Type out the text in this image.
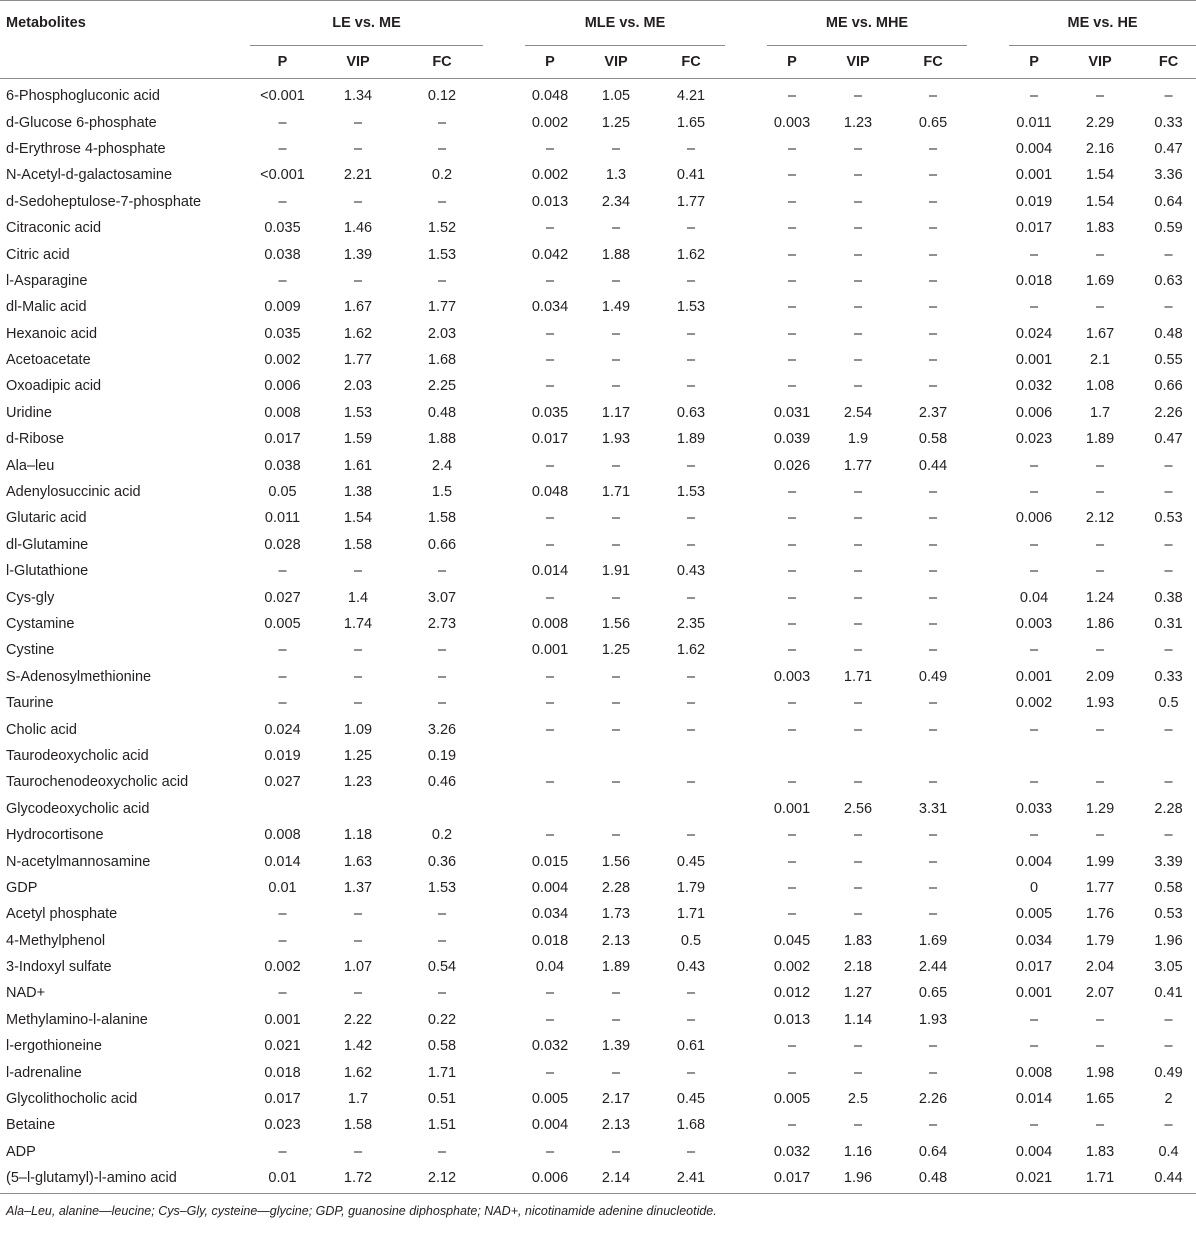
Metabolites	LE vs. ME				MLE vs. ME				ME vs. MHE				ME vs. HE		
	P	VIP	FC		P	VIP	FC		P	VIP	FC		P	VIP	FC
6-Phosphogluconic acid	<0.001	1.34	0.12		0.048	1.05	4.21		–	–	–		–	–	–
d-Glucose 6-phosphate	–	–	–		0.002	1.25	1.65		0.003	1.23	0.65		0.011	2.29	0.33
d-Erythrose 4-phosphate	–	–	–		–	–	–		–	–	–		0.004	2.16	0.47
N-Acetyl-d-galactosamine	<0.001	2.21	0.2		0.002	1.3	0.41		–	–	–		0.001	1.54	3.36
d-Sedoheptulose-7-phosphate	–	–	–		0.013	2.34	1.77		–	–	–		0.019	1.54	0.64
Citraconic acid	0.035	1.46	1.52		–	–	–		–	–	–		0.017	1.83	0.59
Citric acid	0.038	1.39	1.53		0.042	1.88	1.62		–	–	–		–	–	–
l-Asparagine	–	–	–		–	–	–		–	–	–		0.018	1.69	0.63
dl-Malic acid	0.009	1.67	1.77		0.034	1.49	1.53		–	–	–		–	–	–
Hexanoic acid	0.035	1.62	2.03		–	–	–		–	–	–		0.024	1.67	0.48
Acetoacetate	0.002	1.77	1.68		–	–	–		–	–	–		0.001	2.1	0.55
Oxoadipic acid	0.006	2.03	2.25		–	–	–		–	–	–		0.032	1.08	0.66
Uridine	0.008	1.53	0.48		0.035	1.17	0.63		0.031	2.54	2.37		0.006	1.7	2.26
d-Ribose	0.017	1.59	1.88		0.017	1.93	1.89		0.039	1.9	0.58		0.023	1.89	0.47
Ala–leu	0.038	1.61	2.4		–	–	–		0.026	1.77	0.44		–	–	–
Adenylosuccinic acid	0.05	1.38	1.5		0.048	1.71	1.53		–	–	–		–	–	–
Glutaric acid	0.011	1.54	1.58		–	–	–		–	–	–		0.006	2.12	0.53
dl-Glutamine	0.028	1.58	0.66		–	–	–		–	–	–		–	–	–
l-Glutathione	–	–	–		0.014	1.91	0.43		–	–	–		–	–	–
Cys-gly	0.027	1.4	3.07		–	–	–		–	–	–		0.04	1.24	0.38
Cystamine	0.005	1.74	2.73		0.008	1.56	2.35		–	–	–		0.003	1.86	0.31
Cystine	–	–	–		0.001	1.25	1.62		–	–	–		–	–	–
S-Adenosylmethionine	–	–	–		–	–	–		0.003	1.71	0.49		0.001	2.09	0.33
Taurine	–	–	–		–	–	–		–	–	–		0.002	1.93	0.5
Cholic acid	0.024	1.09	3.26		–	–	–		–	–	–		–	–	–
Taurodeoxycholic acid	0.019	1.25	0.19												
Taurochenodeoxycholic acid	0.027	1.23	0.46		–	–	–		–	–	–		–	–	–
Glycodeoxycholic acid									0.001	2.56	3.31		0.033	1.29	2.28
Hydrocortisone	0.008	1.18	0.2		–	–	–		–	–	–		–	–	–
N-acetylmannosamine	0.014	1.63	0.36		0.015	1.56	0.45		–	–	–		0.004	1.99	3.39
GDP	0.01	1.37	1.53		0.004	2.28	1.79		–	–	–		0	1.77	0.58
Acetyl phosphate	–	–	–		0.034	1.73	1.71		–	–	–		0.005	1.76	0.53
4-Methylphenol	–	–	–		0.018	2.13	0.5		0.045	1.83	1.69		0.034	1.79	1.96
3-Indoxyl sulfate	0.002	1.07	0.54		0.04	1.89	0.43		0.002	2.18	2.44		0.017	2.04	3.05
NAD+	–	–	–		–	–	–		0.012	1.27	0.65		0.001	2.07	0.41
Methylamino-l-alanine	0.001	2.22	0.22		–	–	–		0.013	1.14	1.93		–	–	–
l-ergothioneine	0.021	1.42	0.58		0.032	1.39	0.61		–	–	–		–	–	–
l-adrenaline	0.018	1.62	1.71		–	–	–		–	–	–		0.008	1.98	0.49
Glycolithocholic acid	0.017	1.7	0.51		0.005	2.17	0.45		0.005	2.5	2.26		0.014	1.65	2
Betaine	0.023	1.58	1.51		0.004	2.13	1.68		–	–	–		–	–	–
ADP	–	–	–		–	–	–		0.032	1.16	0.64		0.004	1.83	0.4
(5–l-glutamyl)-l-amino acid	0.01	1.72	2.12		0.006	2.14	2.41		0.017	1.96	0.48		0.021	1.71	0.44
Ala–Leu, alanine—leucine; Cys–Gly, cysteine—glycine; GDP, guanosine diphosphate; NAD+, nicotinamide adenine dinucleotide.
